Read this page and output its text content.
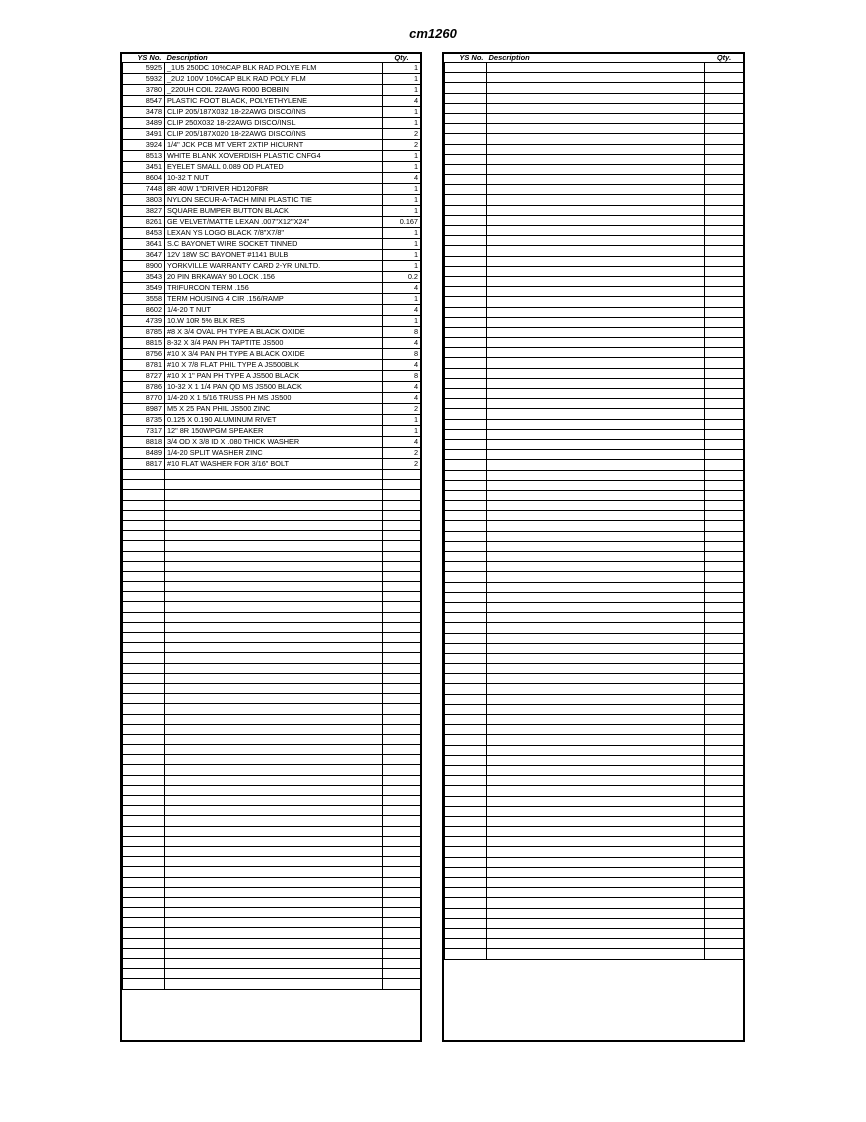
cm1260
YS No.	Description	Qty.
5925	_1U5 250DC 10%CAP BLK RAD POLYE FLM	1
5932	_2U2 100V 10%CAP BLK RAD POLY FLM	1
3780	_220UH COIL 22AWG R000 BOBBIN	1
8547	PLASTIC FOOT BLACK, POLYETHYLENE	4
3478	CLIP 205/187X032 18-22AWG DISCO/INS	1
3489	CLIP 250X032 18-22AWG DISCO/INSL	1
3491	CLIP 205/187X020 18-22AWG DISCO/INS	2
3924	1/4" JCK PCB MT VERT 2XTIP HICURNT	2
8513	WHITE BLANK XOVERDISH PLASTIC CNFG4	1
3451	EYELET SMALL 0.089 OD PLATED	1
8604	10-32 T NUT	4
7448	8R 40W 1"DRIVER HD120F8R	1
3803	NYLON SECUR-A-TACH MINI PLASTIC TIE	1
3827	SQUARE BUMPER BUTTON BLACK	1
8261	GE VELVET/MATTE LEXAN .007"X12"X24"	0.167
8453	LEXAN YS LOGO BLACK 7/8"X7/8"	1
3641	S.C BAYONET WIRE SOCKET TINNED	1
3647	12V 18W SC BAYONET #1141 BULB	1
8900	YORKVILLE WARRANTY CARD 2-YR UNLTD.	1
3543	20 PIN BRKAWAY 90 LOCK .156	0.2
3549	TRIFURCON TERM .156	4
3558	TERM HOUSING 4 CIR .156/RAMP	1
8602	1/4-20 T NUT	4
4739	10.W 10R 5% BLK RES	1
8785	#8 X 3/4 OVAL PH TYPE A BLACK OXIDE	8
8815	8-32 X 3/4 PAN PH TAPTITE JS500	4
8756	#10 X 3/4 PAN PH TYPE A BLACK OXIDE	8
8781	#10 X 7/8 FLAT PHIL TYPE A JS500BLK	4
8727	#10 X 1" PAN PH TYPE A JS500 BLACK	8
8786	10-32 X 1 1/4 PAN QD MS JS500 BLACK	4
8770	1/4-20 X 1 5/16 TRUSS PH MS JS500	4
8987	M5 X 25 PAN PHIL JS500 ZINC	2
8735	0.125 X 0.190 ALUMINUM RIVET	1
7317	12" 8R 150WPGM SPEAKER	1
8818	3/4 OD X 3/8 ID X .080 THICK WASHER	4
8489	1/4-20 SPLIT WASHER ZINC	2
8817	#10 FLAT WASHER FOR 3/16" BOLT	2

YS No.	Description	Qty.
